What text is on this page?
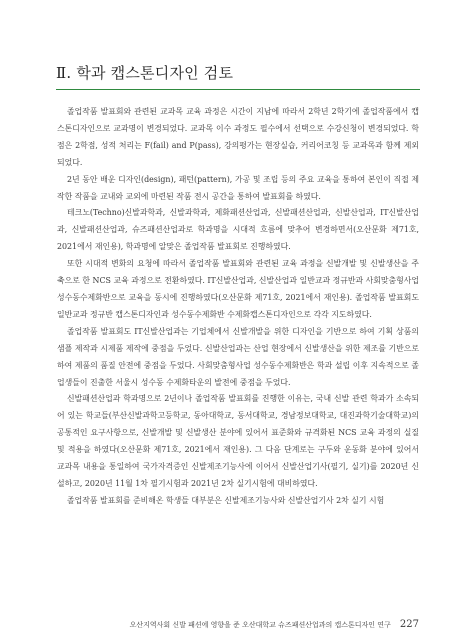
Ⅱ. 학과 캡스톤디자인 검토

졸업작품 발표회와 관련된 교과목 교육 과정은 시간이 지남에 따라서 2학년 2학기에 졸업작품에서 캡스톤디자인으로 교과명이 변경되었다. 교과목 이수 과정도 필수에서 선택으로 수강신청이 변경되었다. 학점은 2학점, 성적 처리는 F(fail) and P(pass), 강의평가는 현장실습, 커리어코칭 등 교과목과 함께 제외되었다.

2년 동안 배운 디자인(design), 패턴(pattern), 가공 및 조립 등의 주요 교육을 통하여 본인이 직접 제작한 작품을 교내와 교외에 마련된 작품 전시 공간을 통하여 발표회를 하였다.

테크노(Techno)신발과학과, 신발과학과, 제화패션산업과, 신발패션산업과, 신발산업과, IT신발산업과, 신발패션산업과, 슈즈패션산업과로 학과명을 시대적 흐름에 맞추어 변경하면서(오산문화 제71호, 2021에서 재인용), 학과명에 알맞은 졸업작품 발표회로 진행하였다.

또한 시대적 변화의 요청에 따라서 졸업작품 발표회와 관련된 교육 과정을 신발개발 및 신발생산을 주축으로 한 NCS 교육 과정으로 전환하였다. IT신발산업과, 신발산업과 일반교과 정규반과 사회맞춤형사업 성수동수제화반으로 교육을 동시에 진행하였다(오산문화 제71호, 2021에서 재인용). 졸업작품 발표회도 일반교과 정규반 캡스톤디자인과 성수동수제화반 수제화캡스톤디자인으로 각각 지도하였다.

졸업작품 발표회도 IT신발산업과는 기업체에서 신발개발을 위한 디자인을 기반으로 하여 기획 상품의 샘플 제작과 시제품 제작에 중점을 두었다. 신발산업과는 산업 현장에서 신발생산을 위한 제조를 기반으로 하여 제품의 품질 안전에 중점을 두었다. 사회맞춤형사업 성수동수제화반은 학과 설립 이후 지속적으로 졸업생들이 진출한 서울시 성수동 수제화타운의 발전에 중점을 두었다.

신발패션산업과 학과명으로 2년이나 졸업작품 발표회를 진행한 이유는, 국내 신발 관련 학과가 소속되어 있는 학교들(부산신발과학고등학교, 동아대학교, 동서대학교, 경남정보대학교, 대진과학기술대학교)의 공통적인 요구사항으로, 신발개발 및 신발생산 분야에 있어서 표준화와 규격화된 NCS 교육 과정의 실질 및 적용을 하였다(오산문화 제71호, 2021에서 재인용). 그 다음 단계로는 구두와 운동화 분야에 있어서 교과목 내용을 통일하여 국가자격증인 신발제조기능사에 이어서 신발산업기사(필기, 실기)를 2020년 신설하고, 2020년 11월 1차 필기시험과 2021년 2차 실기시험에 대비하였다.

졸업작품 발표회를 준비해온 학생들 대부분은 신발제조기능사와 신발산업기사 2차 실기 시험

오산지역사회 신발 패션에 영향을 준 오산대학교 슈즈패션산업과의 캡스톤디자인 연구 227
